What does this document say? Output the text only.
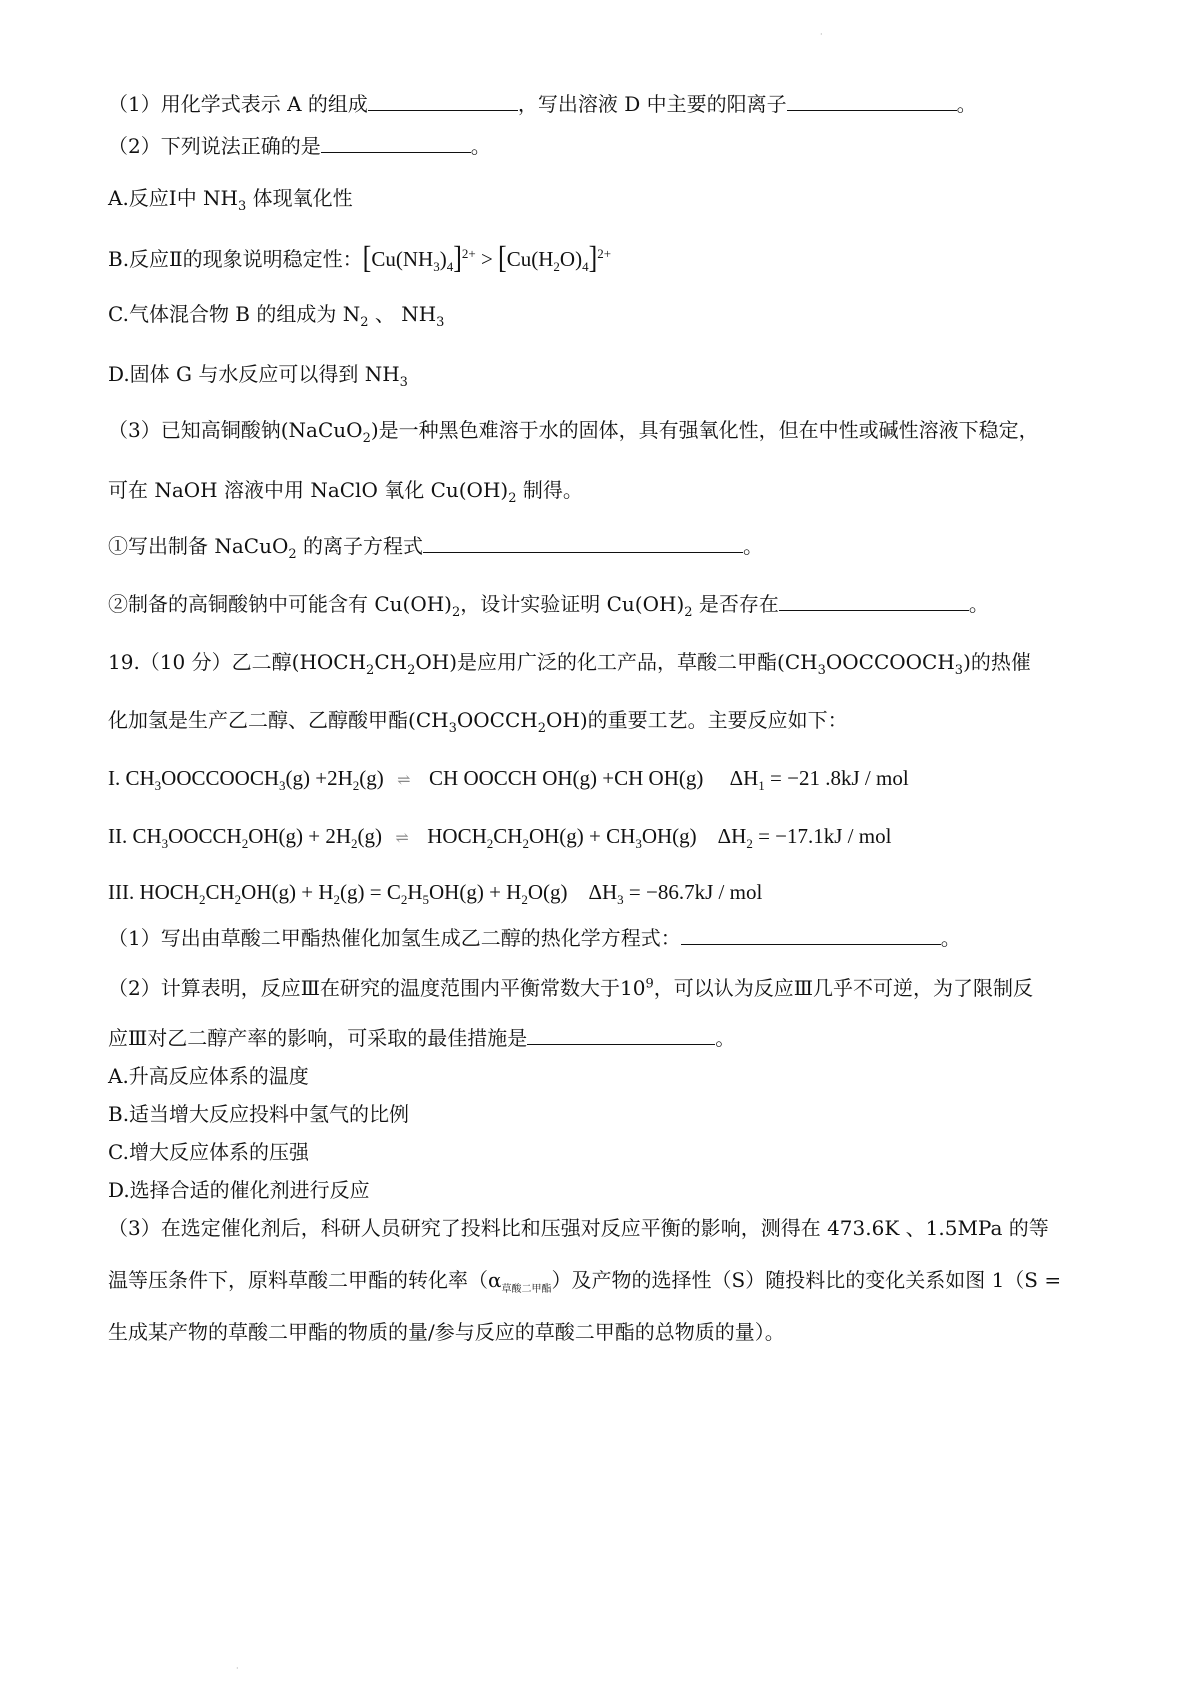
·
·
（1）用化学式表示 A 的组成	，写出溶液 D 中主要的阳离子	。
（2）下列说法正确的是	。
A.反应Ⅰ中 $NH_3$ 体现氧化性
B.反应Ⅱ的现象说明稳定性：$[Cu(NH_3)_4]^{2+} > [Cu(H_2O)_4]^{2+}$
C.气体混合物 B 的组成为 $N_2$ 、 $NH_3$
D.固体 G 与水反应可以得到 $NH_3$
（3）已知高铜酸钠(NaCuO$_2$)是一种黑色难溶于水的固体，具有强氧化性，但在中性或碱性溶液下稳定，
可在 NaOH 溶液中用 NaClO 氧化 $Cu(OH)_2$ 制得。
①写出制备 NaCuO$_2$ 的离子方程式	。
②制备的高铜酸钠中可能含有 $Cu(OH)_2$，设计实验证明 $Cu(OH)_2$ 是否存在	。
19.（10 分）乙二醇$(HOCH_2CH_2OH)$是应用广泛的化工产品，草酸二甲酯$(CH_3OOCCOOCH_3)$的热催
化加氢是生产乙二醇、乙醇酸甲酯$(CH_3OOCCH_2OH)$的重要工艺。主要反应如下：
I. $CH_3OOCCOOCH_3(g) +2H_2(g)$ ⇌ CH OOCCH OH(g) +CH OH(g) $\Delta H_1 = -21$ .8kJ / mol
II. $CH_3OOCCH_2OH(g) + 2H_2(g)$ ⇌ $HOCH_2CH_2OH(g) + CH_3OH(g) \Delta H_2 = -17.1kJ$ / mol
III. $HOCH_2CH_2OH(g) + H_2(g) = C_2H_5OH(g) + H_2O(g) \Delta H_3 = -86.7kJ$ / mol
（1）写出由草酸二甲酯热催化加氢生成乙二醇的热化学方程式：	。
（2）计算表明，反应Ⅲ在研究的温度范围内平衡常数大于$10^9$，可以认为反应Ⅲ几乎不可逆，为了限制反
应Ⅲ对乙二醇产率的影响，可采取的最佳措施是	。
A.升高反应体系的温度
B.适当增大反应投料中氢气的比例
C.增大反应体系的压强
D.选择合适的催化剂进行反应
（3）在选定催化剂后，科研人员研究了投料比和压强对反应平衡的影响，测得在 473.6K 、1.5MPa 的等
温等压条件下，原料草酸二甲酯的转化率$(\alpha_{草酸二甲酯})$及产物的选择性（S）随投料比的变化关系如图 1（S =
生成某产物的草酸二甲酯的物质的量/参与反应的草酸二甲酯的总物质的量）。
